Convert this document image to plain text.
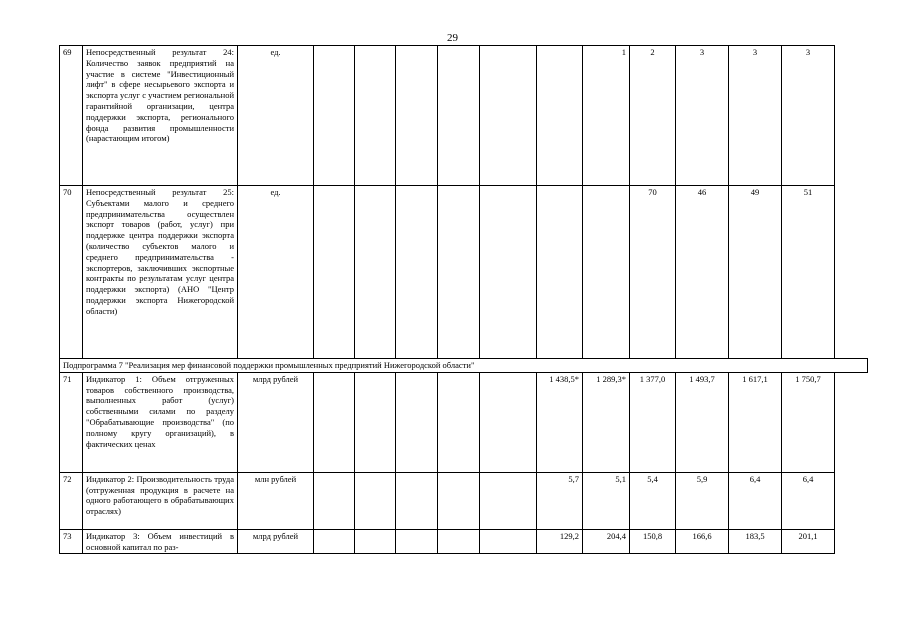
29
69	Непосредственный результат 24: Количество заявок предприятий на участие в системе "Инвестиционный лифт" в сфере несырьевого экспорта и экспорта услуг с участием региональной гарантийной организации, центра поддержки экспорта, регионального фонда развития промышленности (нарастающим итогом)	ед.							1	2	3	3	3
70	Непосредственный результат 25: Субъектами малого и среднего предпринимательства осуществлен экспорт товаров (работ, услуг) при поддержке центра поддержки экспорта (количество субъектов малого и среднего предпринимательства - экспортеров, заключивших экспортные контракты по результатам услуг центра поддержки экспорта) (АНО "Центр поддержки экспорта Нижегородской области)	ед.								70	46	49	51
Подпрограмма 7 "Реализация мер финансовой поддержки промышленных предприятий Нижегородской области"													
71	Индикатор 1: Объем отгруженных товаров собственного производства, выполненных работ (услуг) собственными силами по разделу "Обрабатывающие производства" (по полному кругу организаций), в фактических ценах	млрд рублей						1 438,5*	1 289,3*	1 377,0	1 493,7	1 617,1	1 750,7
72	Индикатор 2: Производительность труда (отгруженная продукция в расчете на одного работающего в обрабатывающих отраслях)	млн рублей						5,7	5,1	5,4	5,9	6,4	6,4
73	Индикатор 3: Объем инвестиций в основной капитал по раз-	млрд рублей						129,2	204,4	150,8	166,6	183,5	201,1
